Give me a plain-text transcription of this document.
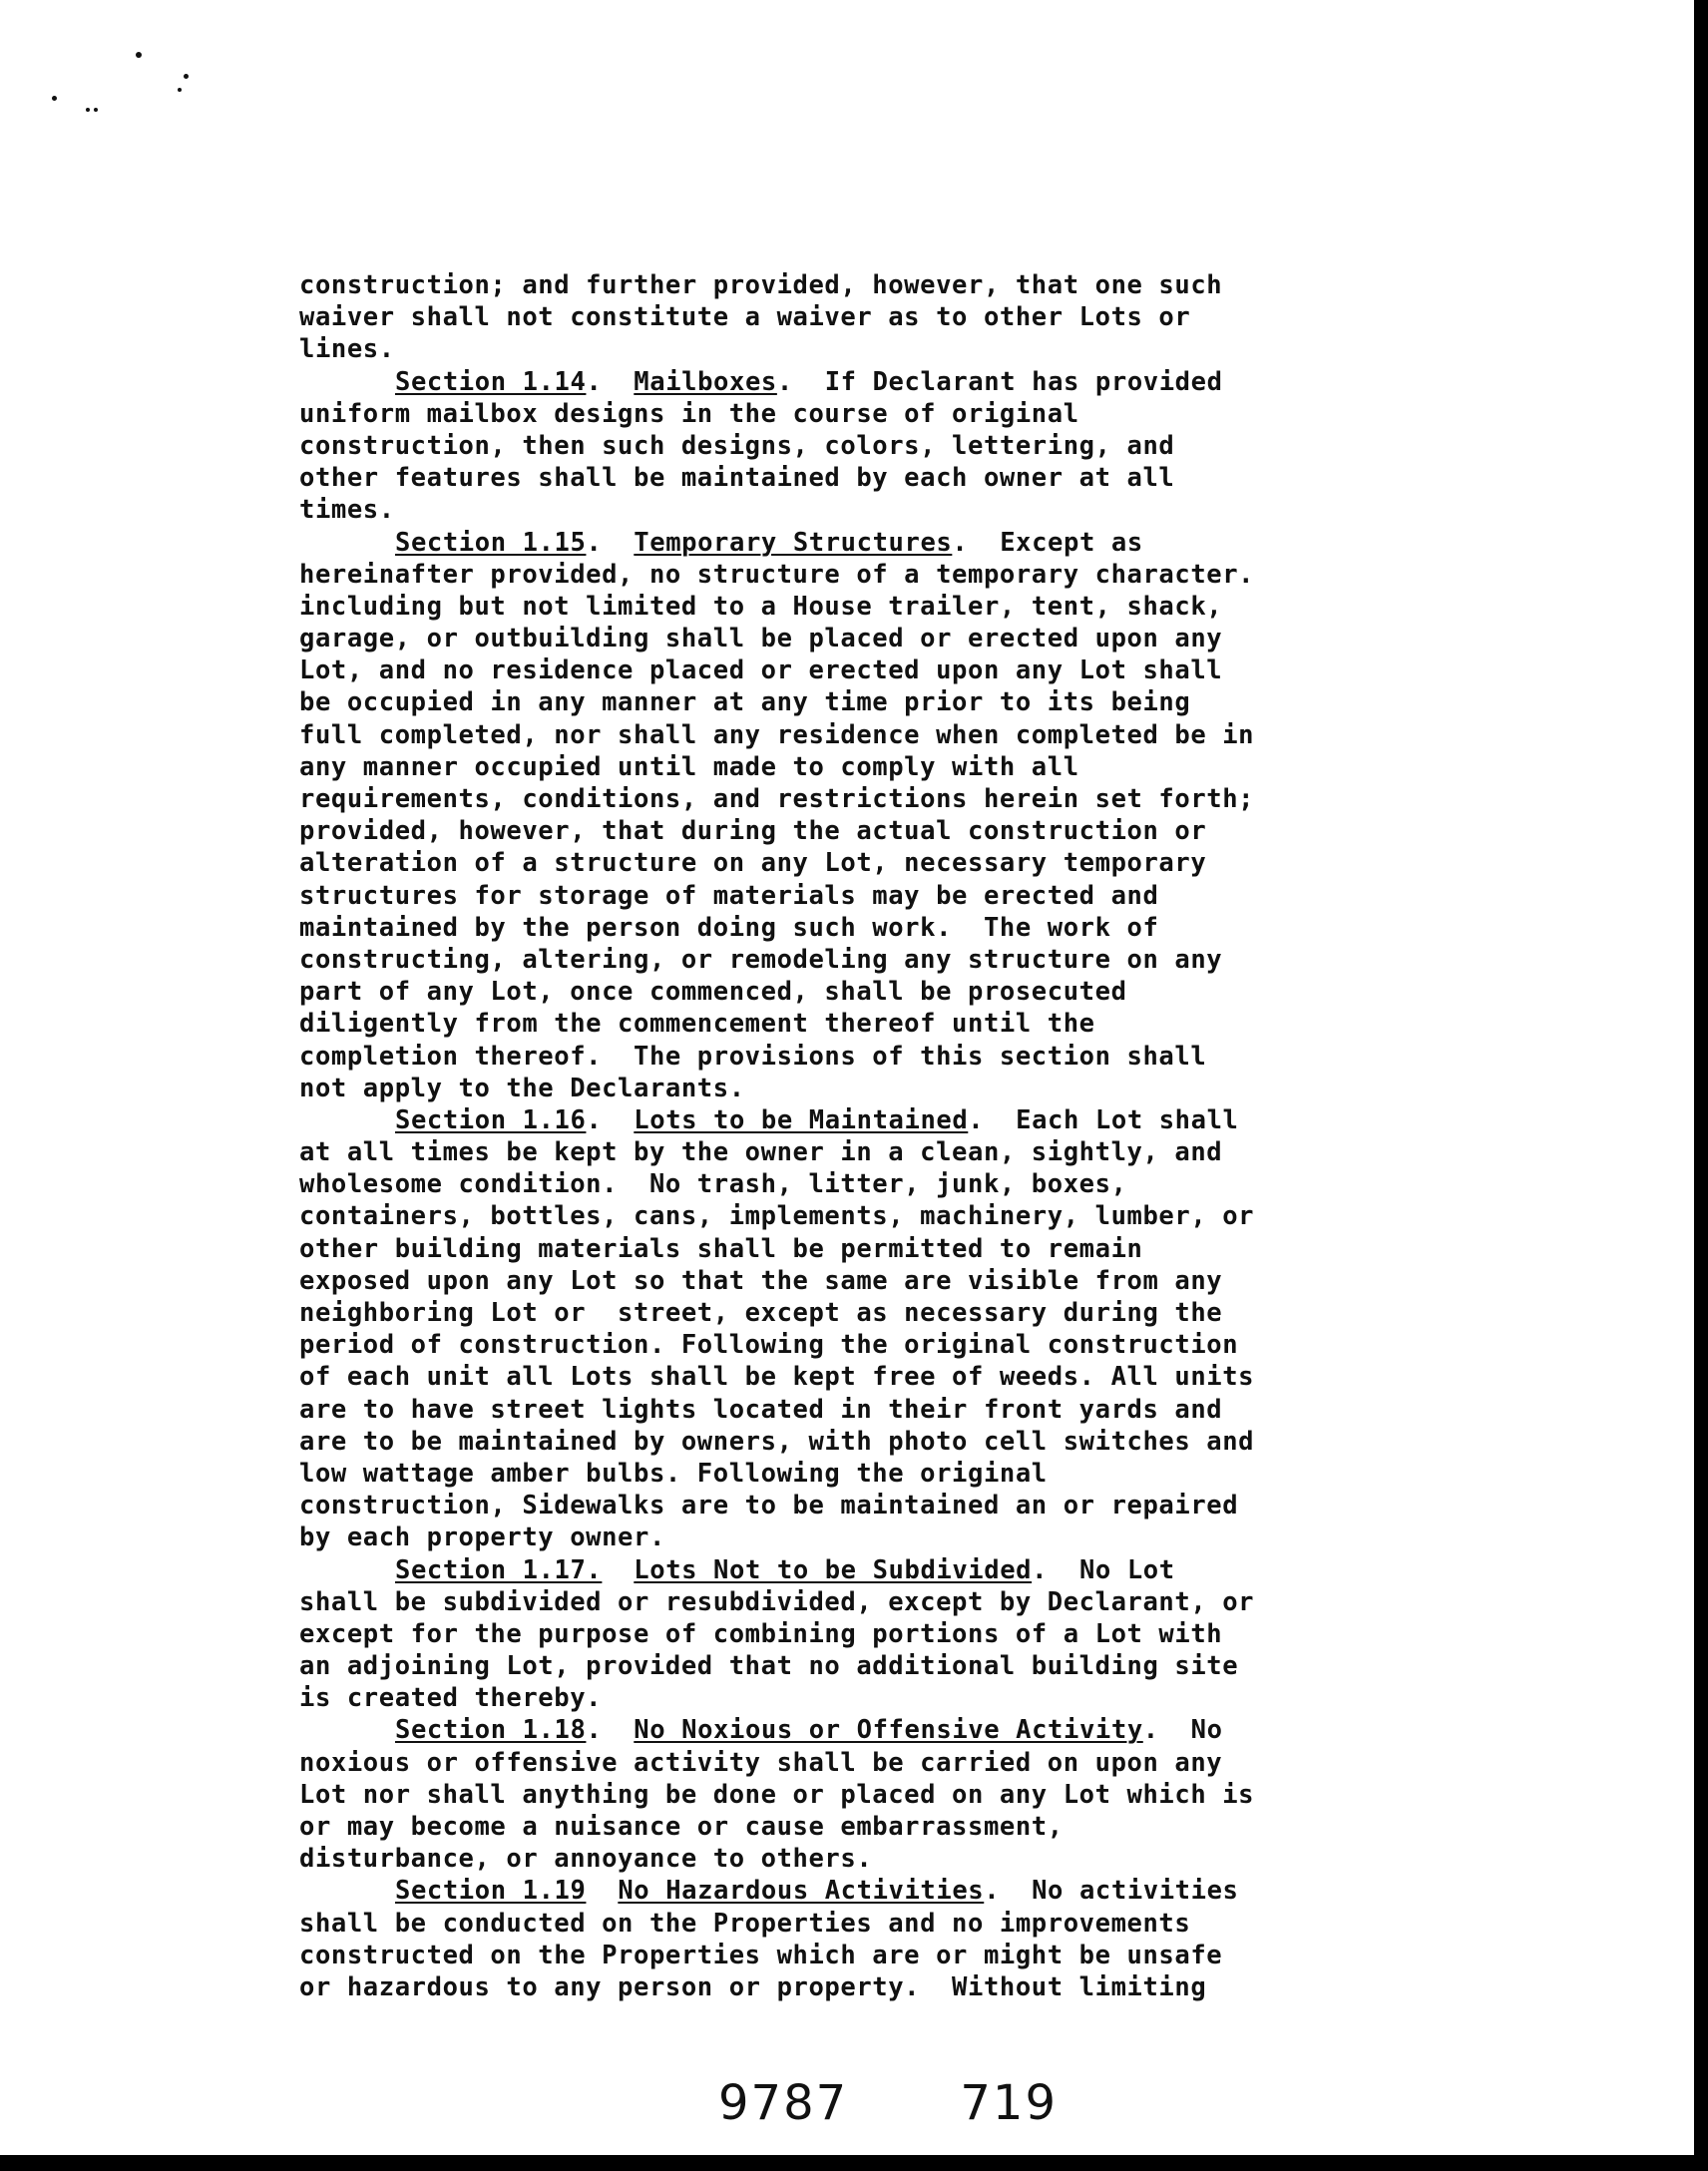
construction; and further provided, however, that one such
waiver shall not constitute a waiver as to other Lots or
lines.
Section 1.14.  Mailboxes.  If Declarant has provided
uniform mailbox designs in the course of original
construction, then such designs, colors, lettering, and
other features shall be maintained by each owner at all
times.
Section 1.15.  Temporary Structures.  Except as
hereinafter provided, no structure of a temporary character.
including but not limited to a House trailer, tent, shack,
garage, or outbuilding shall be placed or erected upon any
Lot, and no residence placed or erected upon any Lot shall
be occupied in any manner at any time prior to its being
full completed, nor shall any residence when completed be in
any manner occupied until made to comply with all
requirements, conditions, and restrictions herein set forth;
provided, however, that during the actual construction or
alteration of a structure on any Lot, necessary temporary
structures for storage of materials may be erected and
maintained by the person doing such work.  The work of
constructing, altering, or remodeling any structure on any
part of any Lot, once commenced, shall be prosecuted
diligently from the commencement thereof until the
completion thereof.  The provisions of this section shall
not apply to the Declarants.
Section 1.16.  Lots to be Maintained.  Each Lot shall
at all times be kept by the owner in a clean, sightly, and
wholesome condition.  No trash, litter, junk, boxes,
containers, bottles, cans, implements, machinery, lumber, or
other building materials shall be permitted to remain
exposed upon any Lot so that the same are visible from any
neighboring Lot or  street, except as necessary during the
period of construction. Following the original construction
of each unit all Lots shall be kept free of weeds. All units
are to have street lights located in their front yards and
are to be maintained by owners, with photo cell switches and
low wattage amber bulbs. Following the original
construction, Sidewalks are to be maintained an or repaired
by each property owner.
Section 1.17. Lots Not to be Subdivided.  No Lot
shall be subdivided or resubdivided, except by Declarant, or
except for the purpose of combining portions of a Lot with
an adjoining Lot, provided that no additional building site
is created thereby.
Section 1.18.  No Noxious or Offensive Activity.  No
noxious or offensive activity shall be carried on upon any
Lot nor shall anything be done or placed on any Lot which is
or may become a nuisance or cause embarrassment,
disturbance, or annoyance to others.
Section 1.19 No Hazardous Activities.  No activities
shall be conducted on the Properties and no improvements
constructed on the Properties which are or might be unsafe
or hazardous to any person or property.  Without limiting
9787 719
